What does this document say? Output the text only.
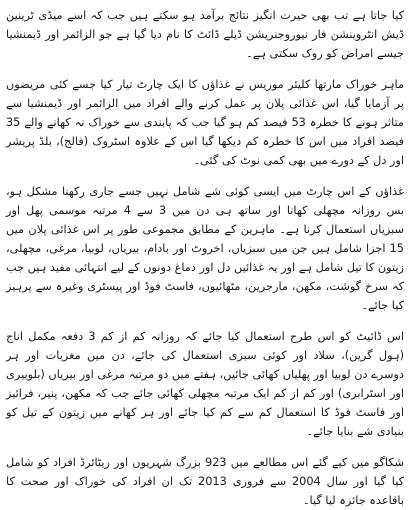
کیا جاتا ہے تب بھی حیرت انگیز نتائج برآمد ہو سکتے ہیں جب کہ اسے میڈی ٹرینین ڈیش انٹروینشن فار نیوروجنریشن ڈیلے ڈائٹ کا نام دیا گیا ہے جو الزائمر اور ڈیمنشیا جیسے امراض کو روک سکتی ہے۔

ماہر خوراک مارتھا کلیئر موریس نے غذاؤں کا ایک چارٹ تیار کیا جسے کئی مریضوں پر آزمایا گیا، اس غذائی پلان پر عمل کرنے والے افراد میں الزائمر اور ڈیمنشیا سے متاثر ہونے کا خطرہ 53 فیصد کم ہو گیا جب کہ پابندی سے خوراک نہ کھانے والے 35 فیصد افراد میں اس کا خطرہ کم دیکھا گیا اس کے علاوہ اسٹروک (فالج)، بلڈ پریشر اور دل کے دورے میں بھی کمی نوٹ کی گئی۔

غذاؤں کے اس چارٹ میں ایسی کوئی شے شامل نہیں جسے جاری رکھنا مشکل ہو، بس روزانہ مچھلی کھانا اور ساتھ ہی دن میں 3 سے 4 مرتبہ موسمی پھل اور سبزیاں استعمال کرنا ہے۔ ماہرین کے مطابق مجموعی طور پر اس غذائی پلان میں 15 اجزا شامل ہیں جن میں سبزیاں، اخروٹ اور بادام، بیریاں، لوبیا، مرغی، مچھلی، زیتون کا تیل شامل ہے اور یہ غذائیں دل اور دماغ دونوں کے لیے انتہائی مفید ہیں جب کہ سرخ گوشت، مکھن، مارجرین، مٹھائیوں، فاسٹ فوڈ اور پیسٹری وغیرہ سے پرہیز کیا جائے۔

اس ڈائیٹ کو اس طرح استعمال کیا جائے کہ روزانہ کم از کم 3 دفعہ مکمل اناج (ہول گرین)، سلاد اور کوئی سبزی استعمال کی جائے، دن میں مغزیات اور ہر دوسرے دن لوبیا اور پھلیاں کھائی جائیں، ہفتے میں دو مرتبہ مرغی اور بیریاں (بلوبیری اور اسٹرابری) اور کم از کم ایک مرتبہ مچھلی کھائی جائے جب کہ مکھن، پنیر، فرائیز اور فاسٹ فوڈ کا استعمال کم سے کم کیا جائے اور ہر کھانے میں زیتون کے تیل کو بنیادی شے بنایا جائے۔

شکاگو میں کیے گئے اس مطالعے میں 923 بزرگ شہریوں اور ریٹائرڈ افراد کو شامل کیا گیا اور سال 2004 سے فروری 2013 تک ان افراد کی خوراک اور صحت کا باقاعدہ جائزہ لیا گیا۔
